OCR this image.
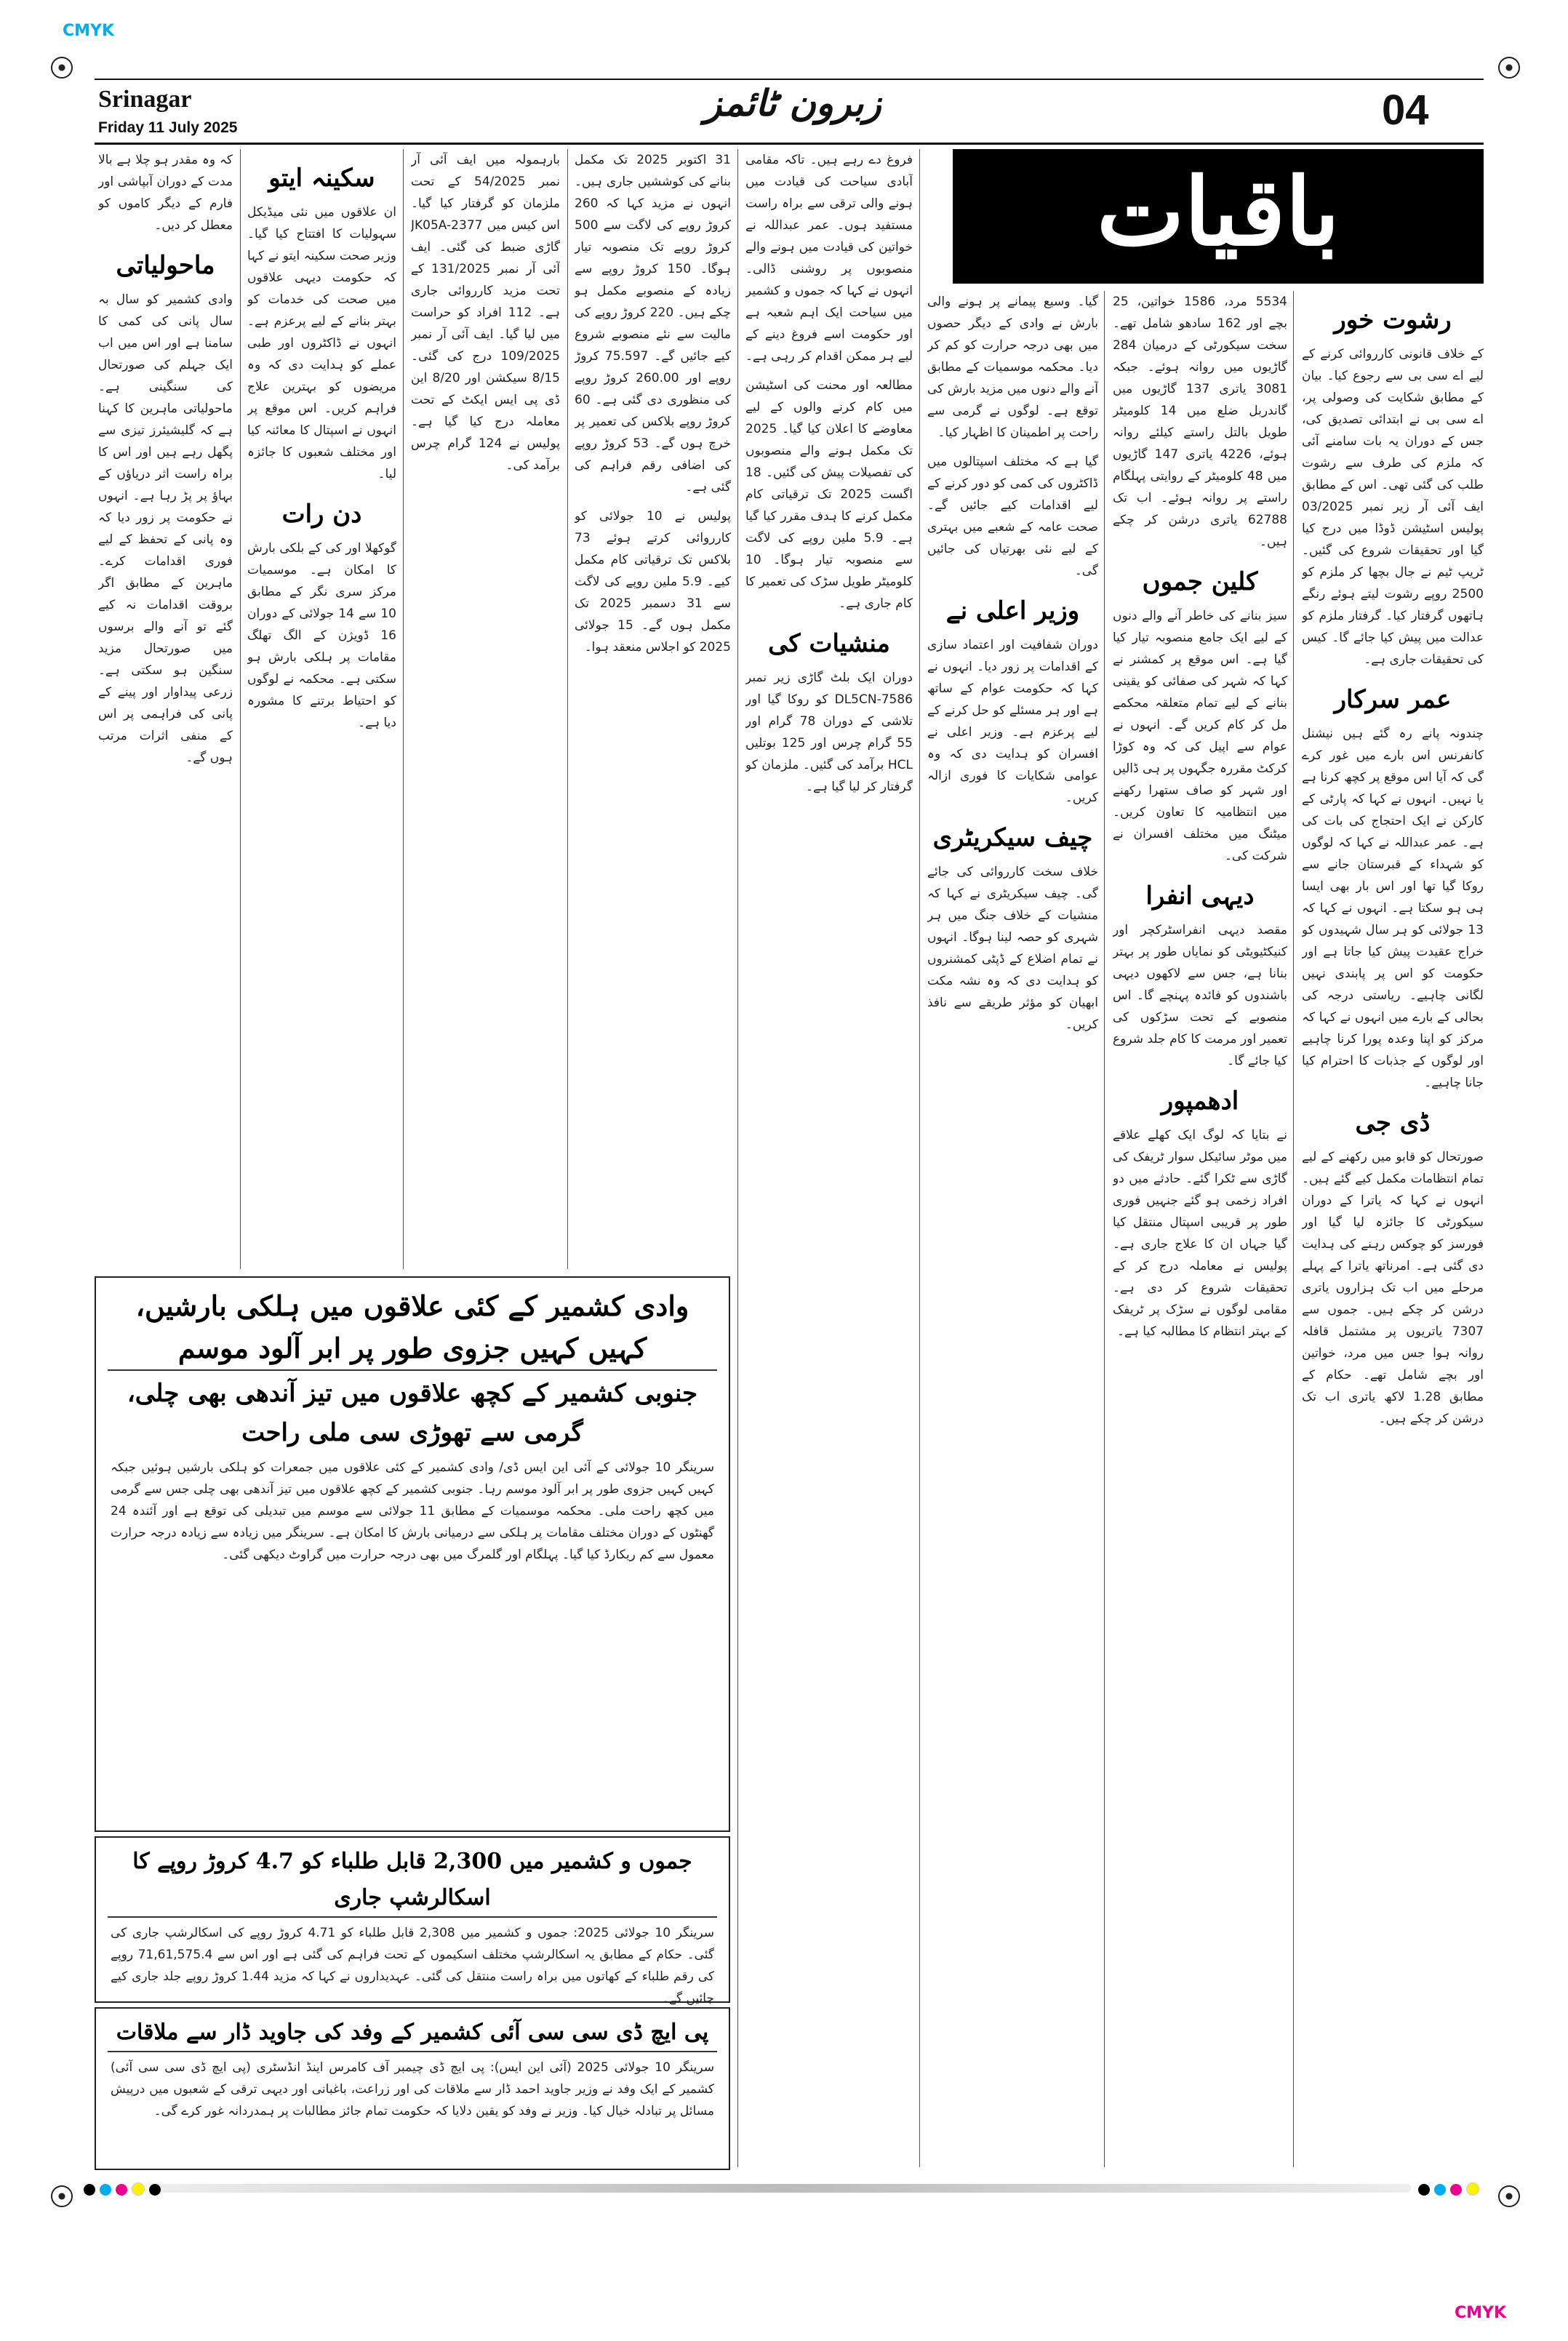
CMYK
CMYK
Srinagar
Friday 11 July 2025
زبرون ٹائمز	04
باقیات
رشوت خور

کے خلاف قانونی کارروائی کرنے کے لیے اے سی بی سے رجوع کیا۔ بیان کے مطابق شکایت کی وصولی پر، اے سی بی نے ابتدائی تصدیق کی، جس کے دوران یہ بات سامنے آئی کہ ملزم کی طرف سے رشوت طلب کی گئی تھی۔ اس کے مطابق ایف آئی آر زیر نمبر 03/2025 پولیس اسٹیشن ڈوڈا میں درج کیا گیا اور تحقیقات شروع کی گئیں۔ ٹریپ ٹیم نے جال بچھا کر ملزم کو 2500 روپے رشوت لیتے ہوئے رنگے ہاتھوں گرفتار کیا۔ گرفتار ملزم کو عدالت میں پیش کیا جائے گا۔ کیس کی تحقیقات جاری ہے۔

عمر سرکار

چندونہ پانے رہ گئے ہیں نیشنل کانفرنس اس بارے میں غور کرے گی کہ آیا اس موقع پر کچھ کرنا ہے یا نہیں۔ انہوں نے کہا کہ پارٹی کے کارکن نے ایک احتجاج کی بات کی ہے۔ عمر عبداللہ نے کہا کہ لوگوں کو شہداء کے قبرستان جانے سے روکا گیا تھا اور اس بار بھی ایسا ہی ہو سکتا ہے۔ انہوں نے کہا کہ 13 جولائی کو ہر سال شہیدوں کو خراج عقیدت پیش کیا جاتا ہے اور حکومت کو اس پر پابندی نہیں لگانی چاہیے۔ ریاستی درجہ کی بحالی کے بارے میں انہوں نے کہا کہ مرکز کو اپنا وعدہ پورا کرنا چاہیے اور لوگوں کے جذبات کا احترام کیا جانا چاہیے۔

ڈی جی

صورتحال کو قابو میں رکھنے کے لیے تمام انتظامات مکمل کیے گئے ہیں۔ انہوں نے کہا کہ یاترا کے دوران سیکورٹی کا جائزہ لیا گیا اور فورسز کو چوکس رہنے کی ہدایت دی گئی ہے۔ امرناتھ یاترا کے پہلے مرحلے میں اب تک ہزاروں یاتری درشن کر چکے ہیں۔ جموں سے 7307 یاتریوں پر مشتمل قافلہ روانہ ہوا جس میں مرد، خواتین اور بچے شامل تھے۔ حکام کے مطابق 1.28 لاکھ یاتری اب تک درشن کر چکے ہیں۔

5534 مرد، 1586 خواتین، 25 بچے اور 162 سادھو شامل تھے۔ سخت سیکورٹی کے درمیان 284 گاڑیوں میں روانہ ہوئے۔ جبکہ 3081 یاتری 137 گاڑیوں میں گاندربل ضلع میں 14 کلومیٹر طویل بالتل راستے کیلئے روانہ ہوئے، 4226 یاتری 147 گاڑیوں میں 48 کلومیٹر کے روایتی پہلگام راستے پر روانہ ہوئے۔ اب تک 62788 یاتری درشن کر چکے ہیں۔

کلین جموں

سیز بنانے کی خاطر آنے والے دنوں کے لیے ایک جامع منصوبہ تیار کیا گیا ہے۔ اس موقع پر کمشنر نے کہا کہ شہر کی صفائی کو یقینی بنانے کے لیے تمام متعلقہ محکمے مل کر کام کریں گے۔ انہوں نے عوام سے اپیل کی کہ وہ کوڑا کرکٹ مقررہ جگہوں پر ہی ڈالیں اور شہر کو صاف ستھرا رکھنے میں انتظامیہ کا تعاون کریں۔ میٹنگ میں مختلف افسران نے شرکت کی۔

دیہی انفرا

مقصد دیہی انفراسٹرکچر اور کنیکٹیویٹی کو نمایاں طور پر بہتر بنانا ہے، جس سے لاکھوں دیہی باشندوں کو فائدہ پہنچے گا۔ اس منصوبے کے تحت سڑکوں کی تعمیر اور مرمت کا کام جلد شروع کیا جائے گا۔

ادھمپور

نے بتایا کہ لوگ ایک کھلے علاقے میں موٹر سائیکل سوار ٹریفک کی گاڑی سے ٹکرا گئے۔ حادثے میں دو افراد زخمی ہو گئے جنہیں فوری طور پر قریبی اسپتال منتقل کیا گیا جہاں ان کا علاج جاری ہے۔ پولیس نے معاملہ درج کر کے تحقیقات شروع کر دی ہے۔ مقامی لوگوں نے سڑک پر ٹریفک کے بہتر انتظام کا مطالبہ کیا ہے۔

گیا۔ وسیع پیمانے پر ہونے والی بارش نے وادی کے دیگر حصوں میں بھی درجہ حرارت کو کم کر دیا۔ محکمہ موسمیات کے مطابق آنے والے دنوں میں مزید بارش کی توقع ہے۔ لوگوں نے گرمی سے راحت پر اطمینان کا اظہار کیا۔

گیا ہے کہ مختلف اسپتالوں میں ڈاکٹروں کی کمی کو دور کرنے کے لیے اقدامات کیے جائیں گے۔ صحت عامہ کے شعبے میں بہتری کے لیے نئی بھرتیاں کی جائیں گی۔

وزیر اعلی نے

دوران شفافیت اور اعتماد سازی کے اقدامات پر زور دیا۔ انہوں نے کہا کہ حکومت عوام کے ساتھ ہے اور ہر مسئلے کو حل کرنے کے لیے پرعزم ہے۔ وزیر اعلی نے افسران کو ہدایت دی کہ وہ عوامی شکایات کا فوری ازالہ کریں۔

چیف سیکریٹری

خلاف سخت کارروائی کی جائے گی۔ چیف سیکریٹری نے کہا کہ منشیات کے خلاف جنگ میں ہر شہری کو حصہ لینا ہوگا۔ انہوں نے تمام اضلاع کے ڈپٹی کمشنروں کو ہدایت دی کہ وہ نشہ مکت ابھیان کو مؤثر طریقے سے نافذ کریں۔

فروغ دے رہے ہیں۔ تاکہ مقامی آبادی سیاحت کی قیادت میں ہونے والی ترقی سے براہ راست مستفید ہوں۔ عمر عبداللہ نے خواتین کی قیادت میں ہونے والے منصوبوں پر روشنی ڈالی۔ انہوں نے کہا کہ جموں و کشمیر میں سیاحت ایک اہم شعبہ ہے اور حکومت اسے فروغ دینے کے لیے ہر ممکن اقدام کر رہی ہے۔

مطالعہ اور محنت کی اسٹیشن میں کام کرنے والوں کے لیے معاوضے کا اعلان کیا گیا۔ 2025 تک مکمل ہونے والے منصوبوں کی تفصیلات پیش کی گئیں۔ 18 اگست 2025 تک ترقیاتی کام مکمل کرنے کا ہدف مقرر کیا گیا ہے۔ 5.9 ملین روپے کی لاگت سے منصوبہ تیار ہوگا۔ 10 کلومیٹر طویل سڑک کی تعمیر کا کام جاری ہے۔

منشیات کی

دوران ایک بلٹ گاڑی زیر نمبر DL5CN-7586 کو روکا گیا اور تلاشی کے دوران 78 گرام اور 55 گرام چرس اور 125 بوتلیں HCL برآمد کی گئیں۔ ملزمان کو گرفتار کر لیا گیا ہے۔

31 اکتوبر 2025 تک مکمل بنانے کی کوششیں جاری ہیں۔ انہوں نے مزید کہا کہ 260 کروڑ روپے کی لاگت سے 500 کروڑ روپے تک منصوبہ تیار ہوگا۔ 150 کروڑ روپے سے زیادہ کے منصوبے مکمل ہو چکے ہیں۔ 220 کروڑ روپے کی مالیت سے نئے منصوبے شروع کیے جائیں گے۔ 75.597 کروڑ روپے اور 260.00 کروڑ روپے کی منظوری دی گئی ہے۔ 60 کروڑ روپے بلاکس کی تعمیر پر خرچ ہوں گے۔ 53 کروڑ روپے کی اضافی رقم فراہم کی گئی ہے۔

پولیس نے 10 جولائی کو کارروائی کرتے ہوئے 73 بلاکس تک ترقیاتی کام مکمل کیے۔ 5.9 ملین روپے کی لاگت سے 31 دسمبر 2025 تک مکمل ہوں گے۔ 15 جولائی 2025 کو اجلاس منعقد ہوا۔

بارہمولہ میں ایف آئی آر نمبر 54/2025 کے تحت ملزمان کو گرفتار کیا گیا۔ اس کیس میں JK05A-2377 گاڑی ضبط کی گئی۔ ایف آئی آر نمبر 131/2025 کے تحت مزید کارروائی جاری ہے۔ 112 افراد کو حراست میں لیا گیا۔ ایف آئی آر نمبر 109/2025 درج کی گئی۔ 8/15 سیکشن اور 8/20 این ڈی پی ایس ایکٹ کے تحت معاملہ درج کیا گیا ہے۔ پولیس نے 124 گرام چرس برآمد کی۔

سکینہ ایتو

ان علاقوں میں نئی میڈیکل سہولیات کا افتتاح کیا گیا۔ وزیر صحت سکینہ ایتو نے کہا کہ حکومت دیہی علاقوں میں صحت کی خدمات کو بہتر بنانے کے لیے پرعزم ہے۔ انہوں نے ڈاکٹروں اور طبی عملے کو ہدایت دی کہ وہ مریضوں کو بہترین علاج فراہم کریں۔ اس موقع پر انہوں نے اسپتال کا معائنہ کیا اور مختلف شعبوں کا جائزہ لیا۔

دن رات

گوکھلا اور کی کے بلکی بارش کا امکان ہے۔ موسمیات مرکز سری نگر کے مطابق 10 سے 14 جولائی کے دوران 16 ڈویژن کے الگ تھلگ مقامات پر ہلکی بارش ہو سکتی ہے۔ محکمہ نے لوگوں کو احتیاط برتنے کا مشورہ دیا ہے۔

کہ وہ مقدر ہو چلا ہے بالا مدت کے دوران آبپاشی اور فارم کے دیگر کاموں کو معطل کر دیں۔

ماحولیاتی

وادی کشمیر کو سال بہ سال پانی کی کمی کا سامنا ہے اور اس میں اب ایک جہلم کی صورتحال کی سنگینی ہے۔ ماحولیاتی ماہرین کا کہنا ہے کہ گلیشیئرز تیزی سے پگھل رہے ہیں اور اس کا براہ راست اثر دریاؤں کے بہاؤ پر پڑ رہا ہے۔ انہوں نے حکومت پر زور دیا کہ وہ پانی کے تحفظ کے لیے فوری اقدامات کرے۔ ماہرین کے مطابق اگر بروقت اقدامات نہ کیے گئے تو آنے والے برسوں میں صورتحال مزید سنگین ہو سکتی ہے۔ زرعی پیداوار اور پینے کے پانی کی فراہمی پر اس کے منفی اثرات مرتب ہوں گے۔

وادی کشمیر کے کئی علاقوں میں ہلکی بارشیں، کہیں کہیں جزوی طور پر ابر آلود موسم
جنوبی کشمیر کے کچھ علاقوں میں تیز آندھی بھی چلی، گرمی سے تھوڑی سی ملی راحت
سرینگر 10 جولائی کے آئی این ایس ڈی/ وادی کشمیر کے کئی علاقوں میں جمعرات کو ہلکی بارشیں ہوئیں جبکہ کہیں کہیں جزوی طور پر ابر آلود موسم رہا۔ جنوبی کشمیر کے کچھ علاقوں میں تیز آندھی بھی چلی جس سے گرمی میں کچھ راحت ملی۔ محکمہ موسمیات کے مطابق 11 جولائی سے موسم میں تبدیلی کی توقع ہے اور آئندہ 24 گھنٹوں کے دوران مختلف مقامات پر ہلکی سے درمیانی بارش کا امکان ہے۔ سرینگر میں زیادہ سے زیادہ درجہ حرارت معمول سے کم ریکارڈ کیا گیا۔ پہلگام اور گلمرگ میں بھی درجہ حرارت میں گراوٹ دیکھی گئی۔
جموں و کشمیر میں 2,300 قابل طلباء کو 4.7 کروڑ روپے کا اسکالرشپ جاری
سرینگر 10 جولائی 2025: جموں و کشمیر میں 2,308 قابل طلباء کو 4.71 کروڑ روپے کی اسکالرشپ جاری کی گئی۔ حکام کے مطابق یہ اسکالرشپ مختلف اسکیموں کے تحت فراہم کی گئی ہے اور اس سے 71,61,575.4 روپے کی رقم طلباء کے کھاتوں میں براہ راست منتقل کی گئی۔ عہدیداروں نے کہا کہ مزید 1.44 کروڑ روپے جلد جاری کیے جائیں گے۔
پی ایچ ڈی سی سی آئی کشمیر کے وفد کی جاوید ڈار سے ملاقات
سرینگر 10 جولائی 2025 (آئی این ایس): پی ایچ ڈی چیمبر آف کامرس اینڈ انڈسٹری (پی ایچ ڈی سی سی آئی) کشمیر کے ایک وفد نے وزیر جاوید احمد ڈار سے ملاقات کی اور زراعت، باغبانی اور دیہی ترقی کے شعبوں میں درپیش مسائل پر تبادلہ خیال کیا۔ وزیر نے وفد کو یقین دلایا کہ حکومت تمام جائز مطالبات پر ہمدردانہ غور کرے گی۔
